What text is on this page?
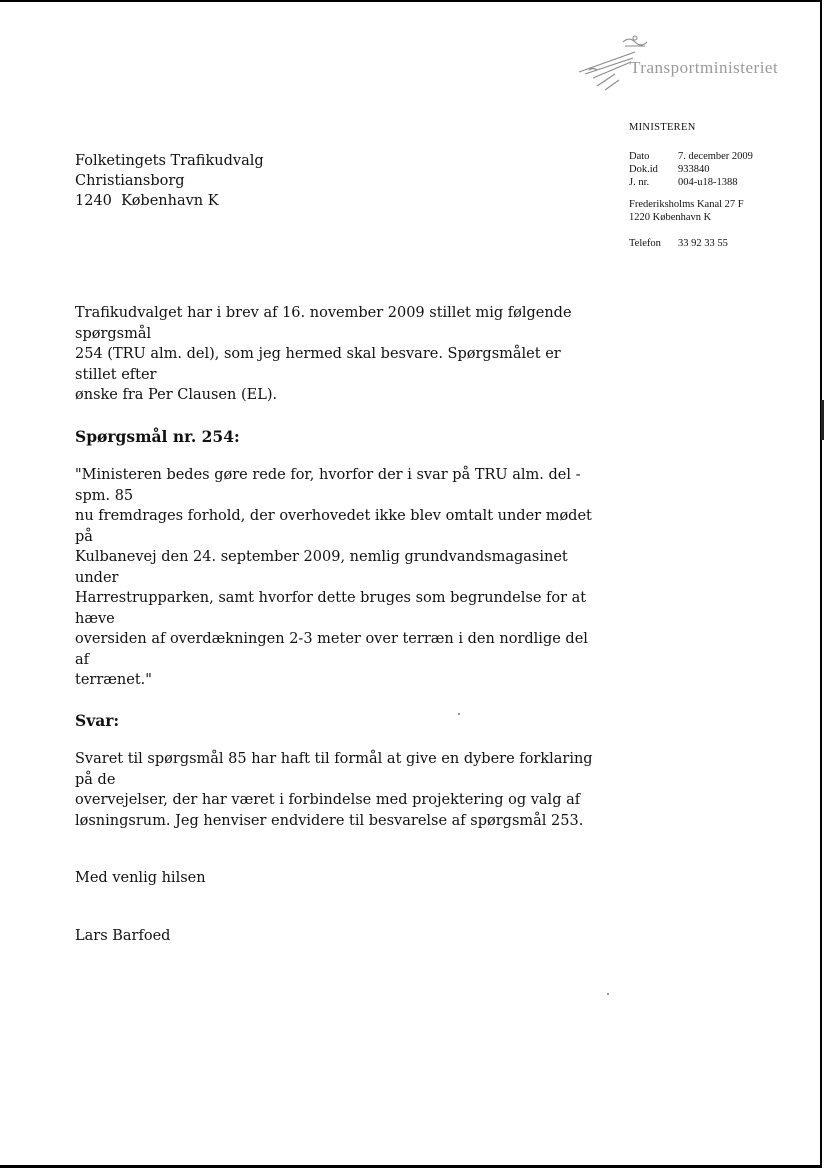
Transportministeriet
MINISTEREN
Dato	7. december 2009
Dok.id	933840
J. nr.	004-u18-1388
Frederiksholms Kanal 27 F
1220 København K
Telefon	33 92 33 55
Folketingets Trafikudvalg
Christiansborg
1240  København K

Trafikudvalget har i brev af 16. november 2009 stillet mig følgende spørgsmål
254 (TRU alm. del), som jeg hermed skal besvare. Spørgsmålet er stillet efter
ønske fra Per Clausen (EL).

Spørgsmål nr. 254:

"Ministeren bedes gøre rede for, hvorfor der i svar på TRU alm. del - spm. 85
nu fremdrages forhold, der overhovedet ikke blev omtalt under mødet på
Kulbanevej den 24. september 2009, nemlig grundvandsmagasinet under
Harrestrupparken, samt hvorfor dette bruges som begrundelse for at hæve
oversiden af overdækningen 2-3 meter over terræn i den nordlige del af
terrænet."

Svar:

Svaret til spørgsmål 85 har haft til formål at give en dybere forklaring på de
overvejelser, der har været i forbindelse med projektering og valg af
løsningsrum. Jeg henviser endvidere til besvarelse af spørgsmål 253.

Med venlig hilsen

Lars Barfoed
